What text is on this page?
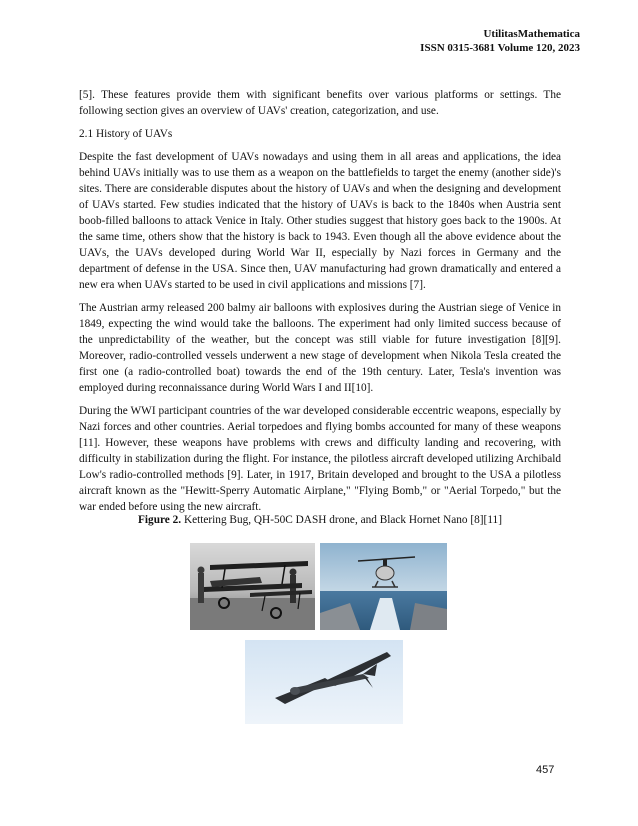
UtilitasMathematica
ISSN 0315-3681 Volume 120, 2023

[5]. These features provide them with significant benefits over various platforms or settings. The following section gives an overview of UAVs' creation, categorization, and use.

2.1 History of UAVs

Despite the fast development of UAVs nowadays and using them in all areas and applications, the idea behind UAVs initially was to use them as a weapon on the battlefields to target the enemy (another side)'s sites. There are considerable disputes about the history of UAVs and when the designing and development of UAVs started. Few studies indicated that the history of UAVs is back to the 1840s when Austria sent boob-filled balloons to attack Venice in Italy. Other studies suggest that history goes back to the 1900s. At the same time, others show that the history is back to 1943. Even though all the above evidence about the UAVs, the UAVs developed during World War II, especially by Nazi forces in Germany and the department of defense in the USA. Since then, UAV manufacturing had grown dramatically and entered a new era when UAVs started to be used in civil applications and missions [7].

The Austrian army released 200 balmy air balloons with explosives during the Austrian siege of Venice in 1849, expecting the wind would take the balloons. The experiment had only limited success because of the unpredictability of the weather, but the concept was still viable for future investigation [8][9]. Moreover, radio-controlled vessels underwent a new stage of development when Nikola Tesla created the first one (a radio-controlled boat) towards the end of the 19th century. Later, Tesla's invention was employed during reconnaissance during World Wars I and II[10].

During the WWI participant countries of the war developed considerable eccentric weapons, especially by Nazi forces and other countries. Aerial torpedoes and flying bombs accounted for many of these weapons [11]. However, these weapons have problems with crews and difficulty landing and recovering, with difficulty in stabilization during the flight. For instance, the pilotless aircraft developed utilizing Archibald Low's radio-controlled methods [9]. Later, in 1917, Britain developed and brought to the USA a pilotless aircraft known as the "Hewitt-Sperry Automatic Airplane," "Flying Bomb," or "Aerial Torpedo," but the war ended before using the new aircraft.

Figure 2. Kettering Bug, QH-50C DASH drone, and Black Hornet Nano [8][11]
457
